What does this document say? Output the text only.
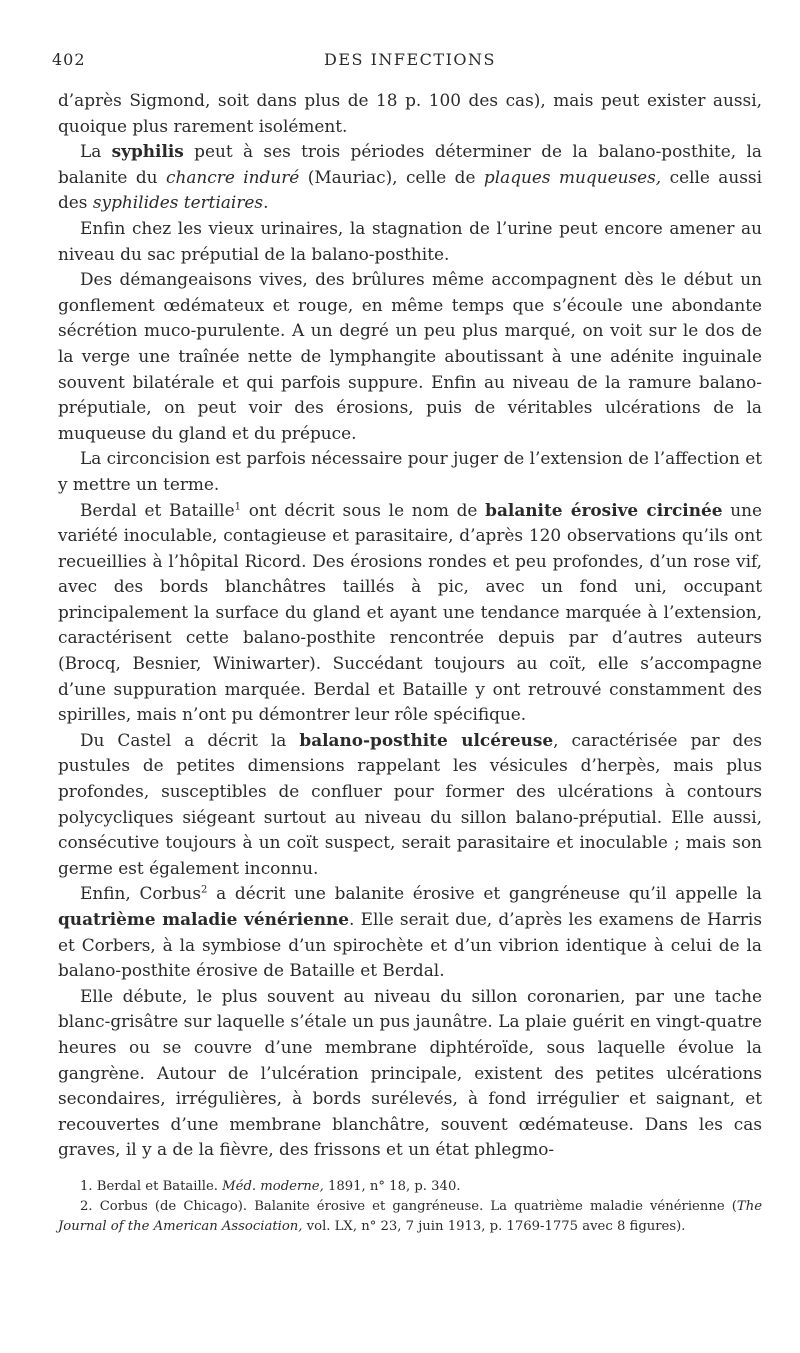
402	DES INFECTIONS

d’après Sigmond, soit dans plus de 18 p. 100 des cas), mais peut exister aussi, quoique plus rarement isolément.

La syphilis peut à ses trois périodes déterminer de la balano-posthite, la balanite du chancre induré (Mauriac), celle de plaques muqueuses, celle aussi des syphilides tertiaires.

Enfin chez les vieux urinaires, la stagnation de l’urine peut encore amener au niveau du sac préputial de la balano-posthite.

Des démangeaisons vives, des brûlures même accompagnent dès le début un gonflement œdémateux et rouge, en même temps que s’écoule une abondante sécrétion muco-purulente. A un degré un peu plus marqué, on voit sur le dos de la verge une traînée nette de lymphangite aboutissant à une adénite inguinale souvent bilatérale et qui parfois suppure. Enfin au niveau de la ramure balano-préputiale, on peut voir des érosions, puis de véritables ulcérations de la muqueuse du gland et du prépuce.

La circoncision est parfois nécessaire pour juger de l’extension de l’affection et y mettre un terme.

Berdal et Bataille$^1$ ont décrit sous le nom de balanite érosive circinée une variété inoculable, contagieuse et parasitaire, d’après 120 observations qu’ils ont recueillies à l’hôpital Ricord. Des érosions rondes et peu profondes, d’un rose vif, avec des bords blanchâtres taillés à pic, avec un fond uni, occupant principalement la surface du gland et ayant une tendance marquée à l’extension, caractérisent cette balano-posthite rencontrée depuis par d’autres auteurs (Brocq, Besnier, Winiwarter). Succédant toujours au coït, elle s’accompagne d’une suppuration marquée. Berdal et Bataille y ont retrouvé constamment des spirilles, mais n’ont pu démontrer leur rôle spécifique.

Du Castel a décrit la balano-posthite ulcéreuse, caractérisée par des pustules de petites dimensions rappelant les vésicules d’herpès, mais plus profondes, susceptibles de confluer pour former des ulcérations à contours polycycliques siégeant surtout au niveau du sillon balano-préputial. Elle aussi, consécutive toujours à un coït suspect, serait parasitaire et inoculable ; mais son germe est également inconnu.

Enfin, Corbus$^2$ a décrit une balanite érosive et gangréneuse qu’il appelle la quatrième maladie vénérienne. Elle serait due, d’après les examens de Harris et Corbers, à la symbiose d’un spirochète et d’un vibrion identique à celui de la balano-posthite érosive de Bataille et Berdal.

Elle débute, le plus souvent au niveau du sillon coronarien, par une tache blanc-grisâtre sur laquelle s’étale un pus jaunâtre. La plaie guérit en vingt-quatre heures ou se couvre d’une membrane diphtéroïde, sous laquelle évolue la gangrène. Autour de l’ulcération principale, existent des petites ulcérations secondaires, irrégulières, à bords surélevés, à fond irrégulier et saignant, et recouvertes d’une membrane blanchâtre, souvent œdémateuse. Dans les cas graves, il y a de la fièvre, des frissons et un état phlegmo-

1. Berdal et Bataille. Méd. moderne, 1891, n° 18, p. 340.

2. Corbus (de Chicago). Balanite érosive et gangréneuse. La quatrième maladie vénérienne (The Journal of the American Association, vol. LX, n° 23, 7 juin 1913, p. 1769-1775 avec 8 figures).
